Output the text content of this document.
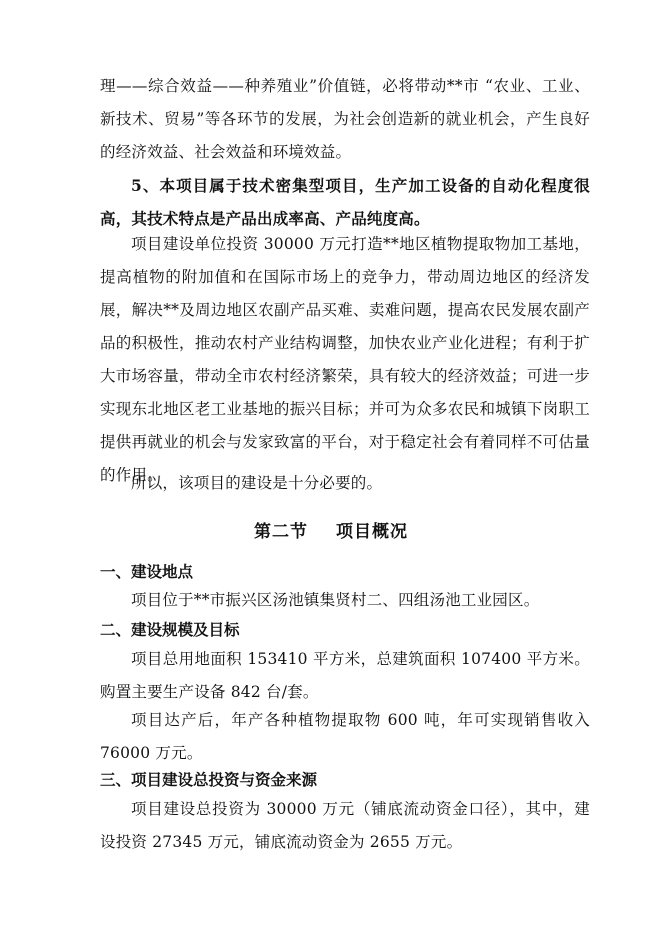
理——综合效益——种养殖业”价值链，必将带动**市 “农业、工业、新技术、贸易”等各环节的发展，为社会创造新的就业机会，产生良好的经济效益、社会效益和环境效益。

5、本项目属于技术密集型项目，生产加工设备的自动化程度很高，其技术特点是产品出成率高、产品纯度高。

项目建设单位投资 30000 万元打造**地区植物提取物加工基地，提高植物的附加值和在国际市场上的竞争力，带动周边地区的经济发展，解决**及周边地区农副产品买难、卖难问题，提高农民发展农副产品的积极性，推动农村产业结构调整，加快农业产业化进程；有利于扩大市场容量，带动全市农村经济繁荣，具有较大的经济效益；可进一步实现东北地区老工业基地的振兴目标；并可为众多农民和城镇下岗职工提供再就业的机会与发家致富的平台，对于稳定社会有着同样不可估量的作用。

所以，该项目的建设是十分必要的。

第二节 项目概况
一、建设地点

项目位于**市振兴区汤池镇集贤村二、四组汤池工业园区。

二、建设规模及目标

项目总用地面积 153410 平方米，总建筑面积 107400 平方米。购置主要生产设备 842 台/套。

项目达产后，年产各种植物提取物 600 吨，年可实现销售收入 76000 万元。

三、项目建设总投资与资金来源

项目建设总投资为 30000 万元（铺底流动资金口径），其中，建设投资 27345 万元，铺底流动资金为 2655 万元。
